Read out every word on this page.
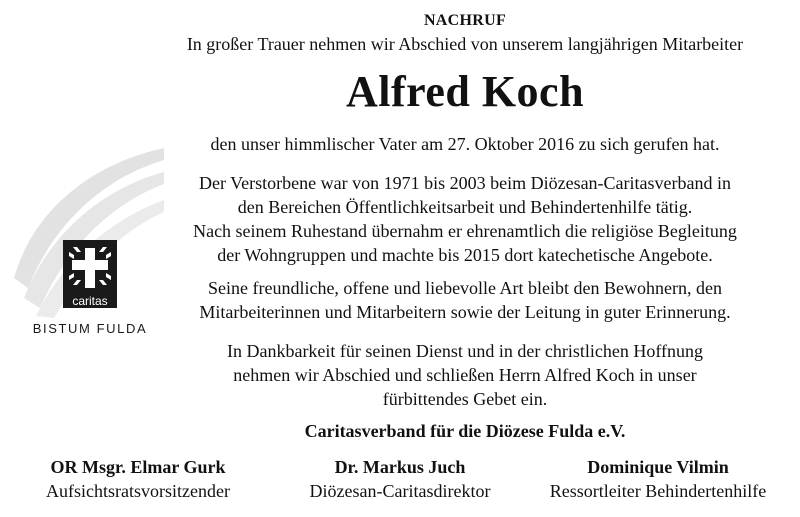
caritas
BISTUM FULDA
NACHRUF
In großer Trauer nehmen wir Abschied von unserem langjährigen Mitarbeiter
Alfred Koch
den unser himmlischer Vater am 27. Oktober 2016 zu sich gerufen hat.
Der Verstorbene war von 1971 bis 2003 beim Diözesan-Caritasverband in
den Bereichen Öffentlichkeitsarbeit und Behindertenhilfe tätig.
Nach seinem Ruhestand übernahm er ehrenamtlich die religiöse Begleitung
der Wohngruppen und machte bis 2015 dort katechetische Angebote.
Seine freundliche, offene und liebevolle Art bleibt den Bewohnern, den
Mitarbeiterinnen und Mitarbeitern sowie der Leitung in guter Erinnerung.
In Dankbarkeit für seinen Dienst und in der christlichen Hoffnung
nehmen wir Abschied und schließen Herrn Alfred Koch in unser
fürbittendes Gebet ein.
Caritasverband für die Diözese Fulda e.V.
OR Msgr. Elmar Gurk
Aufsichtsratsvorsitzender
Dr. Markus Juch
Diözesan-Caritasdirektor
Dominique Vilmin
Ressortleiter Behindertenhilfe
